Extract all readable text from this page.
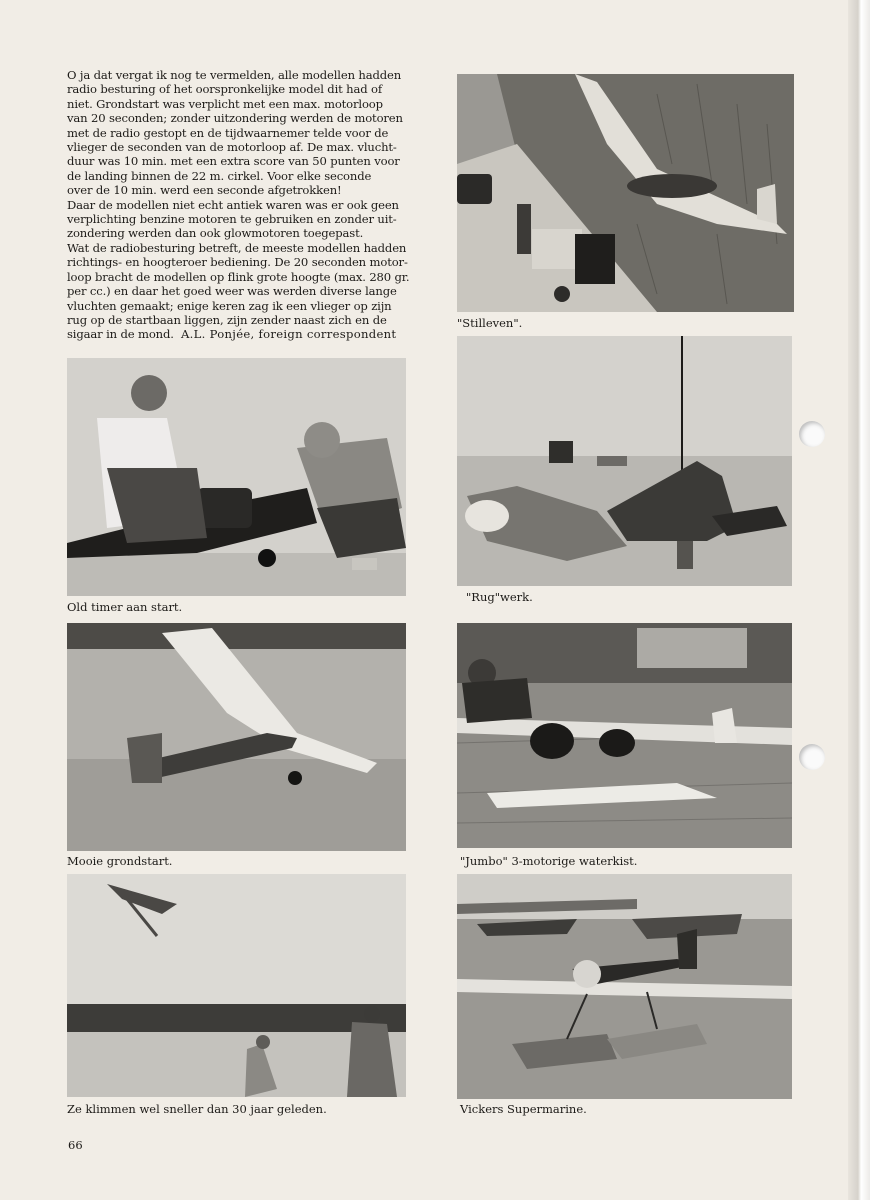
O ja dat vergat ik nog te vermelden, alle modellen hadden
radio besturing of het oorspronkelijke model dit had of
niet. Grondstart was verplicht met een max. motorloop
van 20 seconden; zonder uitzondering werden de motoren
met de radio gestopt en de tijdwaarnemer telde voor de
vlieger de seconden van de motorloop af. De max. vlucht-
duur was 10 min. met een extra score van 50 punten voor
de landing binnen de 22 m. cirkel. Voor elke seconde
over de 10 min. werd een seconde afgetrokken!
Daar de modellen niet echt antiek waren was er ook geen
verplichting benzine motoren te gebruiken en zonder uit-
zondering werden dan ook glowmotoren toegepast.
Wat de radiobesturing betreft, de meeste modellen hadden
richtings- en hoogteroer bediening. De 20 seconden motor-
loop bracht de modellen op flink grote hoogte (max. 280 gr.
per cc.) en daar het goed weer was werden diverse lange
vluchten gemaakt; enige keren zag ik een vlieger op zijn
rug op de startbaan liggen, zijn zender naast zich en de
sigaar in de mond. A.L. Ponjée, foreign correspondent
"Stilleven".
"Rug"werk.
Old timer aan start.
Mooie grondstart.	"Jumbo" 3-motorige waterkist.
Ze klimmen wel sneller dan 30 jaar geleden.	Vickers Supermarine.
66
